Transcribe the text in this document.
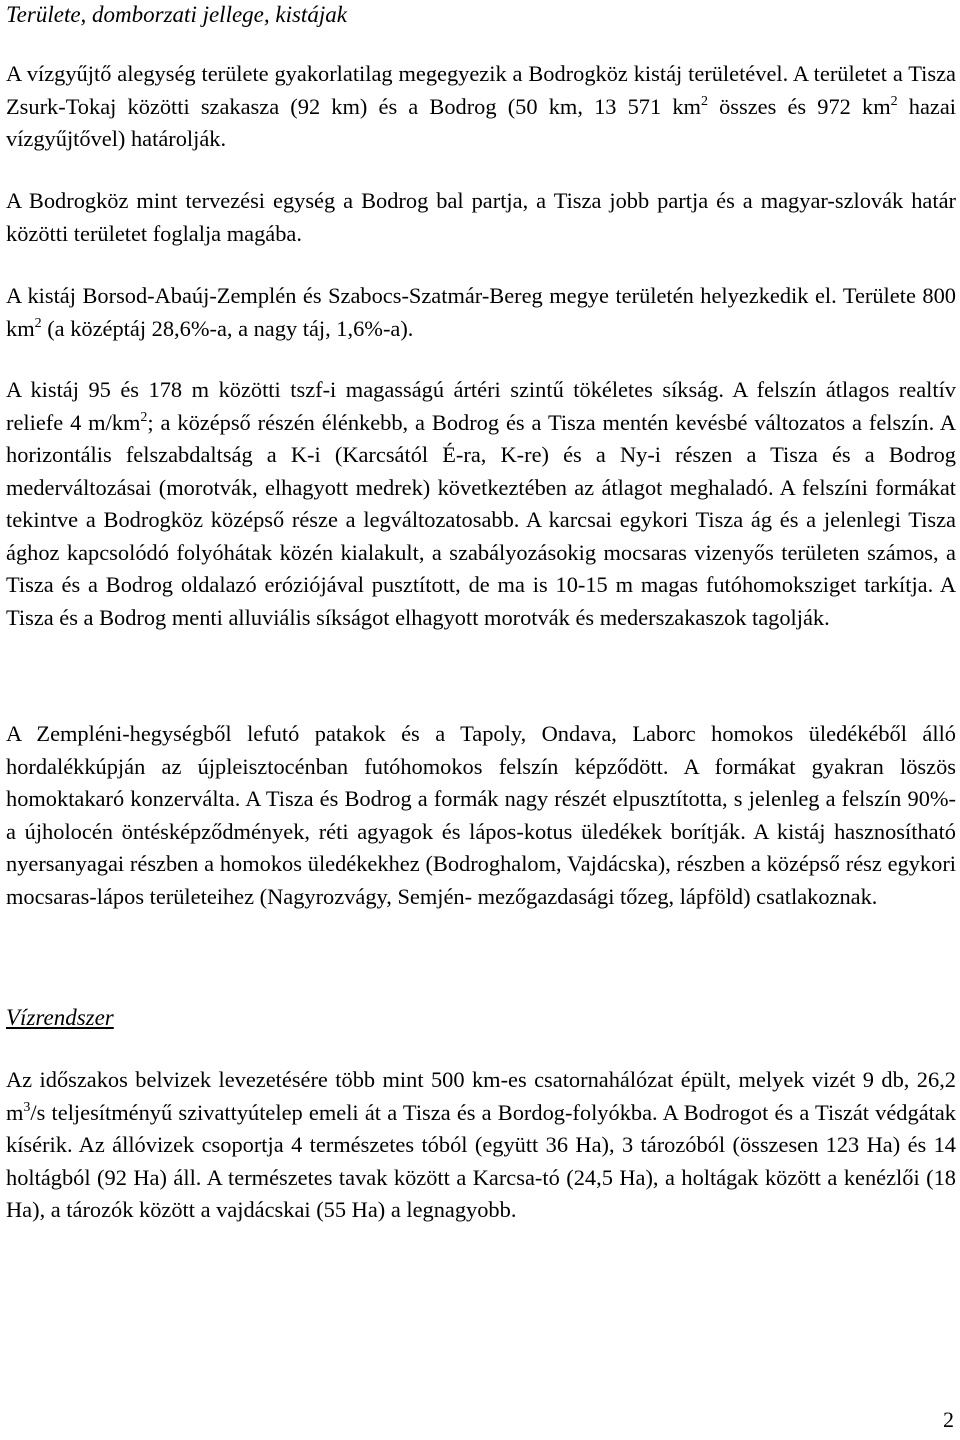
Területe, domborzati jellege, kistájak

A vízgyűjtő alegység területe gyakorlatilag megegyezik a Bodrogköz kistáj területével. A területet a Tisza Zsurk-Tokaj közötti szakasza (92 km) és a Bodrog (50 km, 13 571 $km^2$ összes és 972 $km^2$ hazai vízgyűjtővel) határolják.

A Bodrogköz mint tervezési egység a Bodrog bal partja, a Tisza jobb partja és a magyar-szlovák határ közötti területet foglalja magába.

A kistáj Borsod-Abaúj-Zemplén és Szabocs-Szatmár-Bereg megye területén helyezkedik el. Területe 800 $km^2$ (a középtáj 28,6%-a, a nagy táj, 1,6%-a).

A kistáj 95 és 178 m közötti tszf-i magasságú ártéri szintű tökéletes síkság. A felszín átlagos realtív reliefe 4 $m/km^2$; a középső részén élénkebb, a Bodrog és a Tisza mentén kevésbé változatos a felszín. A horizontális felszabdaltság a K-i (Karcsától É-ra, K-re) és a Ny-i részen a Tisza és a Bodrog mederváltozásai (morotvák, elhagyott medrek) következtében az átlagot meghaladó. A felszíni formákat tekintve a Bodrogköz középső része a legváltozatosabb. A karcsai egykori Tisza ág és a jelenlegi Tisza ághoz kapcsolódó folyóhátak közén kialakult, a szabályozásokig mocsaras vizenyős területen számos, a Tisza és a Bodrog oldalazó eróziójával pusztított, de ma is 10-15 m magas futóhomoksziget tarkítja. A Tisza és a Bodrog menti alluviális síkságot elhagyott morotvák és mederszakaszok tagolják.

A Zempléni-hegységből lefutó patakok és a Tapoly, Ondava, Laborc homokos üledékéből álló hordalékkúpján az újpleisztocénban futóhomokos felszín képződött. A formákat gyakran löszös homoktakaró konzerválta. A Tisza és Bodrog a formák nagy részét elpusztította, s jelenleg a felszín 90%-a újholocén öntésképződmények, réti agyagok és lápos-kotus üledékek borítják. A kistáj hasznosítható nyersanyagai részben a homokos üledékekhez (Bodroghalom, Vajdácska), részben a középső rész egykori mocsaras-lápos területeihez (Nagyrozvágy, Semjén- mezőgazdasági tőzeg, lápföld) csatlakoznak.

Vízrendszer

Az időszakos belvizek levezetésére több mint 500 km-es csatornahálózat épült, melyek vizét 9 db, 26,2 $m^3/s$ teljesítményű szivattyútelep emeli át a Tisza és a Bordog-folyókba. A Bodrogot és a Tiszát védgátak kísérik. Az állóvizek csoportja 4 természetes tóból (együtt 36 Ha), 3 tározóból (összesen 123 Ha) és 14 holtágból (92 Ha) áll. A természetes tavak között a Karcsa-tó (24,5 Ha), a holtágak között a kenézlői (18 Ha), a tározók között a vajdácskai (55 Ha) a legnagyobb.

2
